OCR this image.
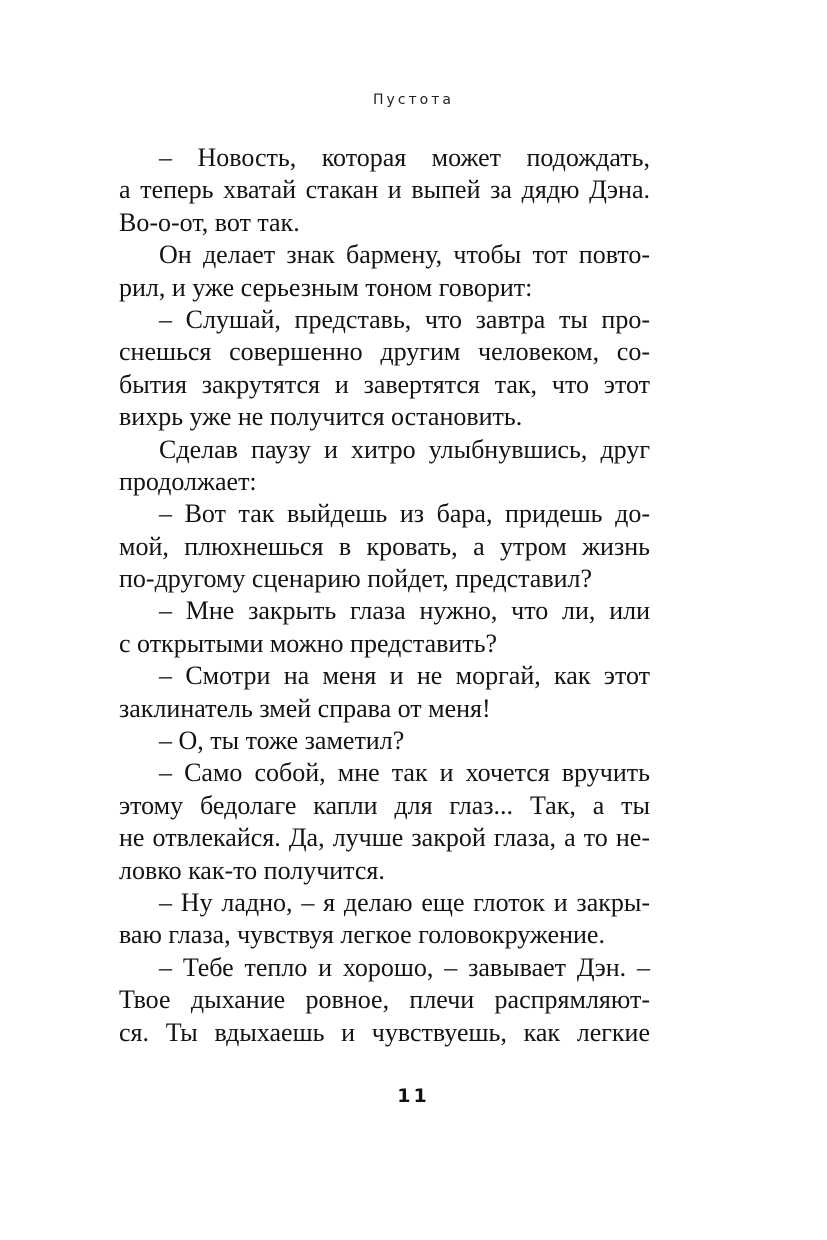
Пустота
– Новость, которая может подождать,
а теперь хватай стакан и выпей за дядю Дэна.
Во-о-от, вот так.
Он делает знак бармену, чтобы тот повто-
рил, и уже серьезным тоном говорит:
– Слушай, представь, что завтра ты про-
снешься совершенно другим человеком, со-
бытия закрутятся и завертятся так, что этот
вихрь уже не получится остановить.
Сделав паузу и хитро улыбнувшись, друг
продолжает:
– Вот так выйдешь из бара, придешь до-
мой, плюхнешься в кровать, а утром жизнь
по-другому сценарию пойдет, представил?
– Мне закрыть глаза нужно, что ли, или
с открытыми можно представить?
– Смотри на меня и не моргай, как этот
заклинатель змей справа от меня!
– О, ты тоже заметил?
– Само собой, мне так и хочется вручить
этому бедолаге капли для глаз... Так, а ты
не отвлекайся. Да, лучше закрой глаза, а то не-
ловко как-то получится.
– Ну ладно, – я делаю еще глоток и закры-
ваю глаза, чувствуя легкое головокружение.
– Тебе тепло и хорошо, – завывает Дэн. –
Твое дыхание ровное, плечи распрямляют-
ся. Ты вдыхаешь и чувствуешь, как легкие
11
